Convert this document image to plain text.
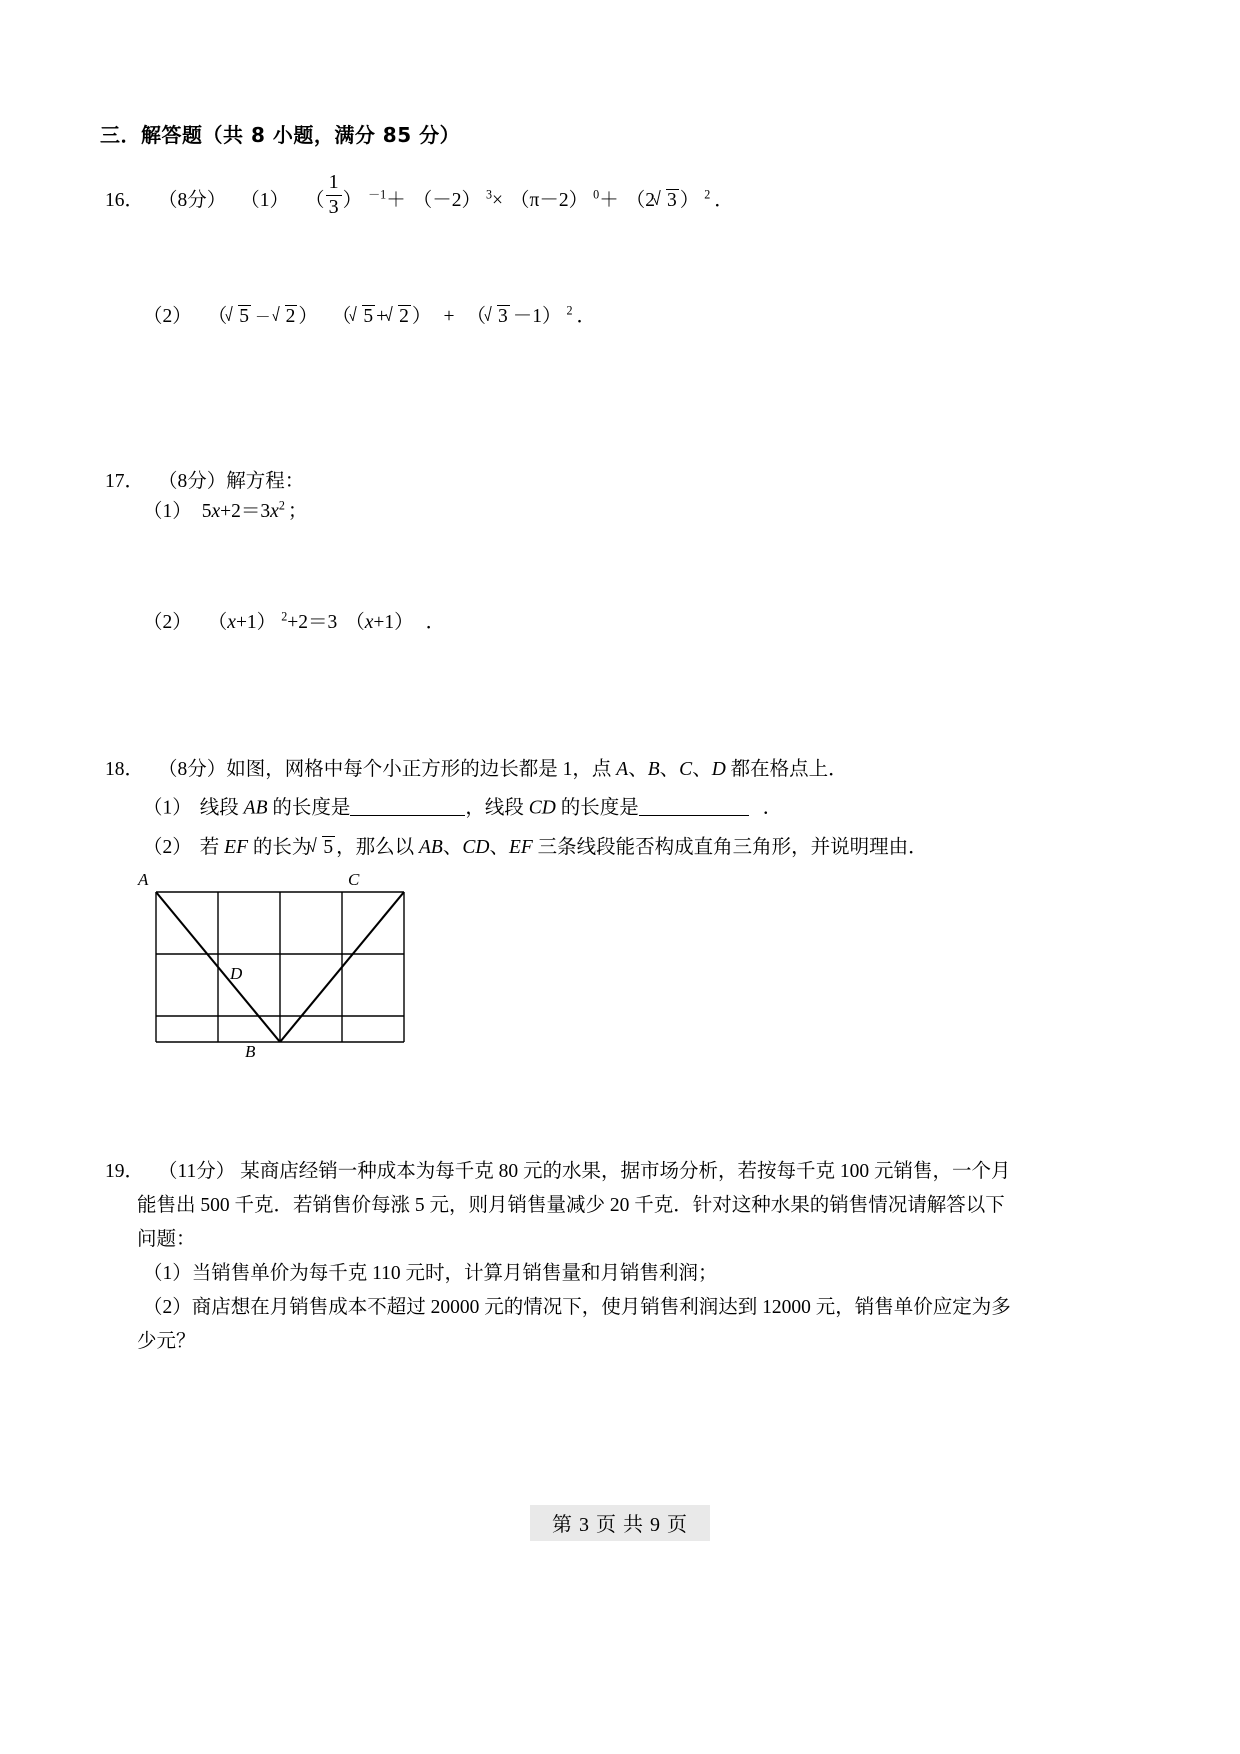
三．解答题（共 8 小题，满分 85 分）
16． （8分） （1） （ $\frac{1}{3}$ ） $^{-1}$＋ （－2） $^3$× （π－2） $^0$＋ （2 3 ） $^2$ ．
（2） （ 5 － 2 ） （ 5 + 2 ） + （ 3 －1） $^2$ ．
17． （8分）解方程：
（1） $5x+2=3x^2$ ；
（2） （x+1） $^2$+2＝3 （x+1） ．
18． （8分）如图，网格中每个小正方形的边长都是 1，点 A、B、C、D 都在格点上．
（1） 线段 AB 的长度是	，线段 CD 的长度是	．
（2） 若 EF 的长为 5 ，那么以 AB、CD、EF 三条线段能否构成直角三角形，并说明理由．
A	C
D
B
19． （11分） 某商店经销一种成本为每千克 80 元的水果，据市场分析，若按每千克 100 元销售，一个月
能售出 500 千克．若销售价每涨 5 元，则月销售量减少 20 千克．针对这种水果的销售情况请解答以下
问题：
（1）当销售单价为每千克 110 元时，计算月销售量和月销售利润；
（2）商店想在月销售成本不超过 20000 元的情况下，使月销售利润达到 12000 元，销售单价应定为多
少元？
第 3 页 共 9 页
